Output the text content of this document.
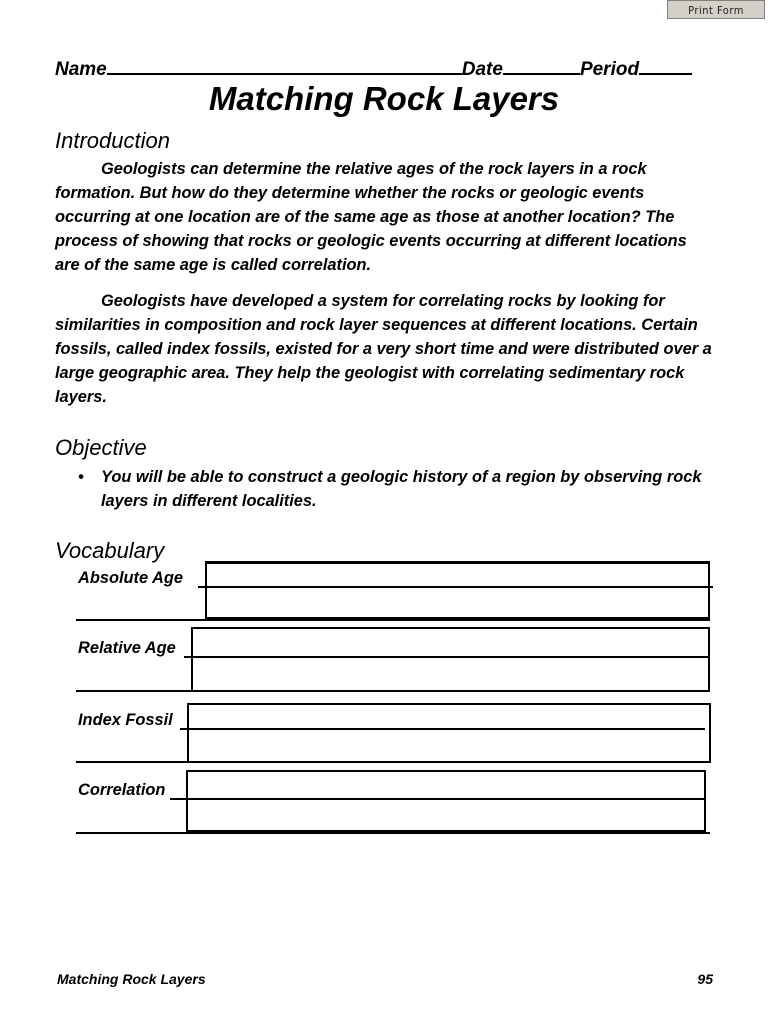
Print Form
Name	Date	Period
Matching Rock Layers
Introduction

Geologists can determine the relative ages of the rock layers in a rock formation. But how do they determine whether the rocks or geologic events occurring at one location are of the same age as those at another location? The process of showing that rocks or geologic events occurring at different locations are of the same age is called correlation.

Geologists have developed a system for correlating rocks by looking for similarities in composition and rock layer sequences at different locations. Certain fossils, called index fossils, existed for a very short time and were distributed over a large geographic area. They help the geologist with correlating sedimentary rock layers.

Objective
• You will be able to construct a geologic history of a region by observing rock layers in different localities.
Vocabulary
Absolute Age
Relative Age
Index Fossil
Correlation
Matching Rock Layers	95
